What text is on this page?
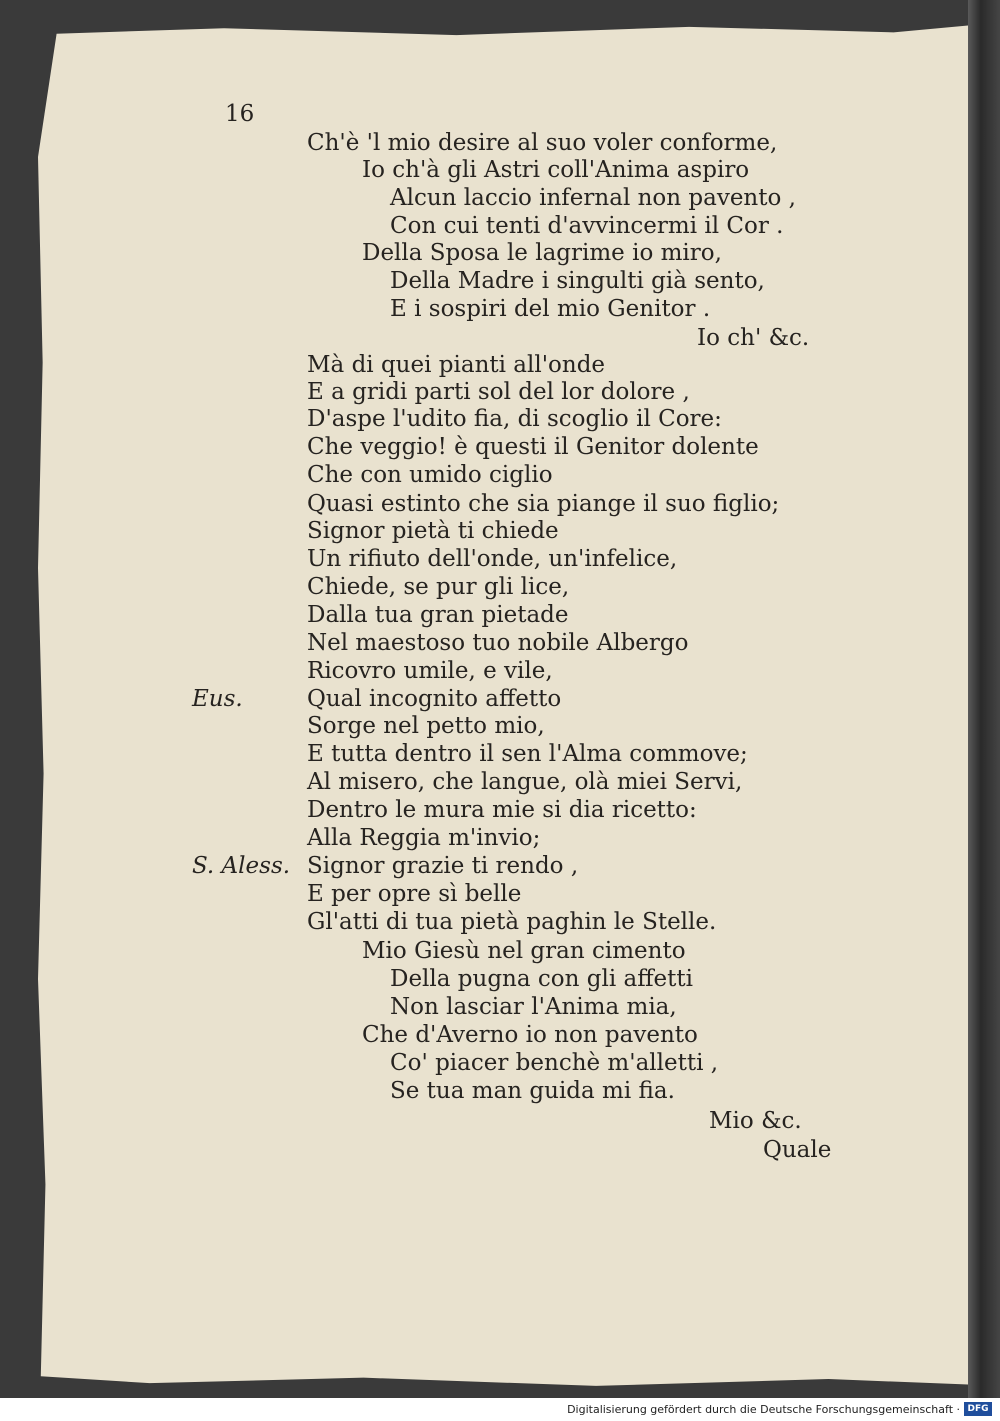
16
Ch'è 'l mio desire al suo voler conforme,
Io ch'à gli Astri coll'Anima aspiro
Alcun laccio infernal non pavento ,
Con cui tenti d'avvincermi il Cor .
Della Sposa le lagrime io miro,
Della Madre i singulti già sento,
E i sospiri del mio Genitor .
Io ch' &c.
Mà di quei pianti all'onde
E a gridi parti sol del lor dolore ,
D'aspe l'udito fia, di scoglio il Core:
Che veggio! è questi il Genitor dolente
Che con umido ciglio
Quasi estinto che sia piange il suo figlio;
Signor pietà ti chiede
Un rifiuto dell'onde, un'infelice,
Chiede, se pur gli lice,
Dalla tua gran pietade
Nel maestoso tuo nobile Albergo
Ricovro umile, e vile,
Eus.	Qual incognito affetto
Sorge nel petto mio,
E tutta dentro il sen l'Alma commove;
Al misero, che langue, olà miei Servi,
Dentro le mura mie si dia ricetto:
Alla Reggia m'invio;
S. Aless. Signor grazie ti rendo ,
E per opre sì belle
Gl'atti di tua pietà paghin le Stelle.
Mio Giesù nel gran cimento
Della pugna con gli affetti
Non lasciar l'Anima mia,
Che d'Averno io non pavento
Co' piacer benchè m'alletti ,
Se tua man guida mi fia.
Mio &c.
Quale
Digitalisierung gefördert durch die Deutsche Forschungsgemeinschaft · DFG
